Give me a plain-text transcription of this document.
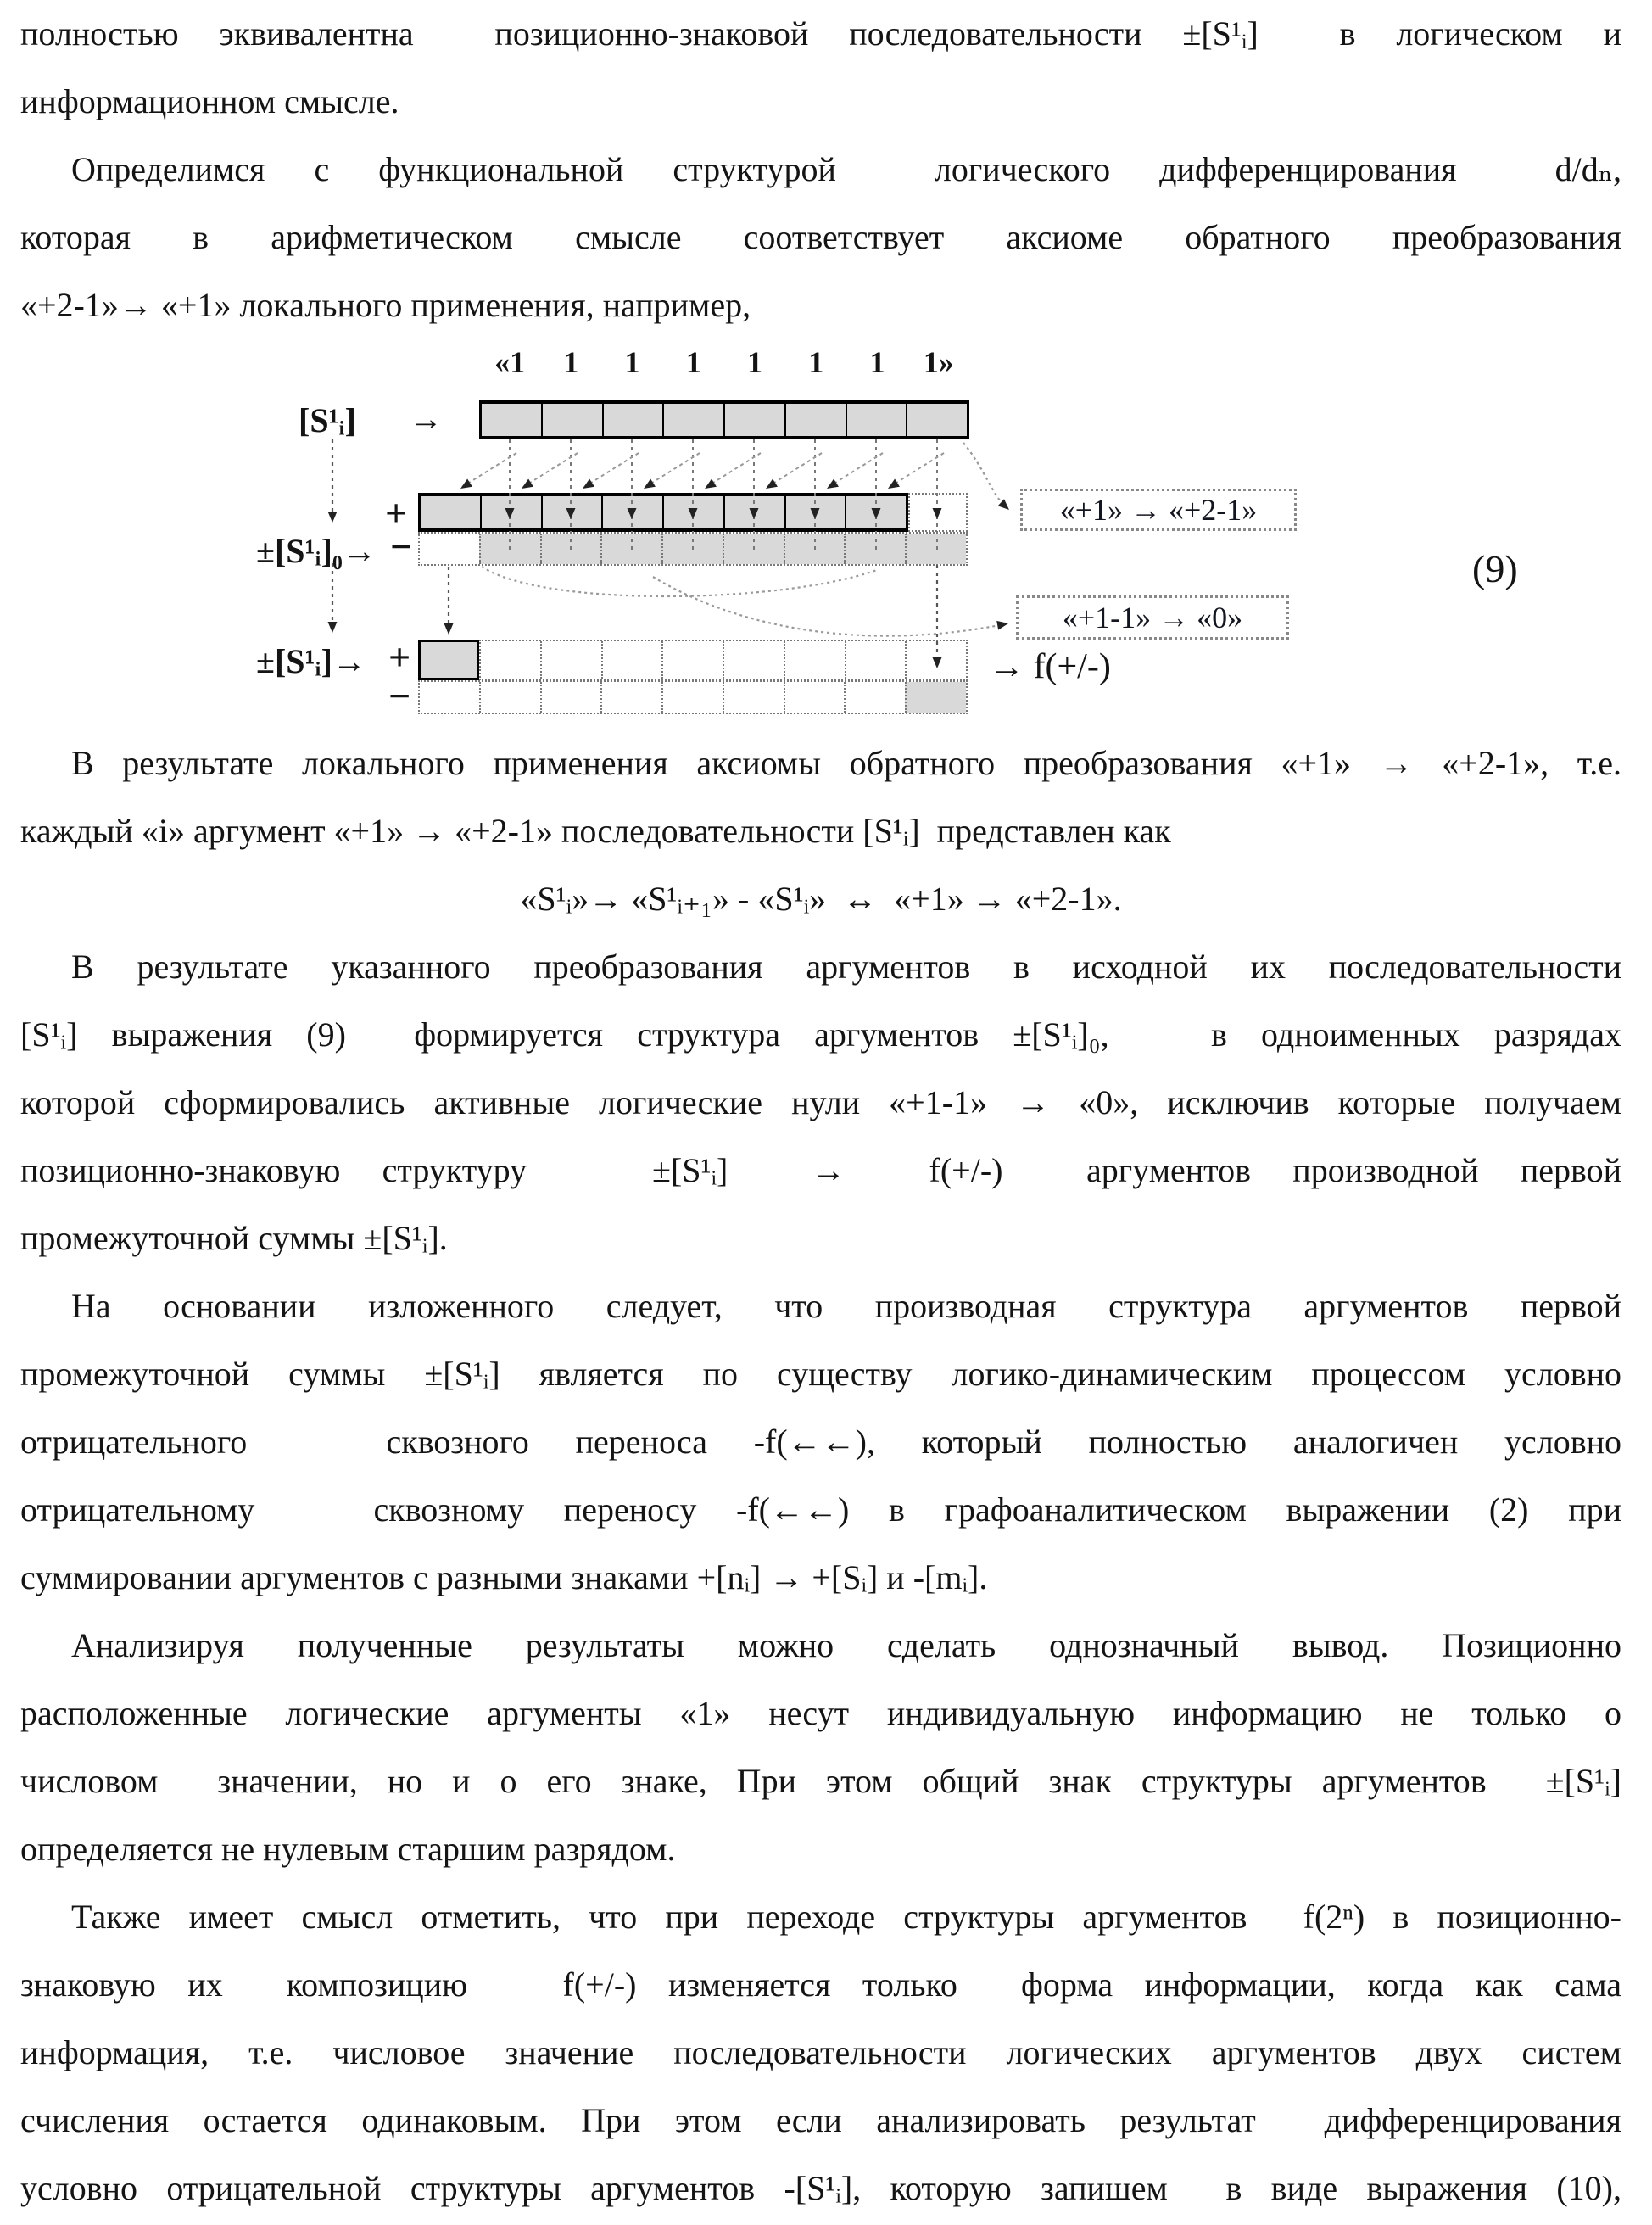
полностью эквивалентна  позиционно-знаковой последовательности ±[S¹ᵢ]  в логическом и
информационном смысле.
Определимся с функциональной структурой  логического дифференцирования  d/dₙ,
которая в арифметическом смысле соответствует аксиоме обратного преобразования
«+2-1»→ «+1» локального применения, например,
«1	1	1	1	1	1	1	1»
[S¹ᵢ] →
+
±[S¹ᵢ]₀→ −
±[S¹ᵢ]→ +
−
«+1» → «+2-1»
«+1-1» → «0»
→ f(+/-)
(9)
В результате локального применения аксиомы обратного преобразования «+1» → «+2-1», т.е.
каждый «i» аргумент «+1» → «+2-1» последовательности [S¹ᵢ]  представлен как
«S¹ᵢ»→ «S¹ᵢ₊₁» - «S¹ᵢ»  ↔  «+1» → «+2-1».
В результате указанного преобразования аргументов в исходной их последовательности
[S¹ᵢ] выражения (9)  формируется структура аргументов ±[S¹ᵢ]₀,   в одноименных разрядах
которой сформировались активные логические нули «+1-1» → «0», исключив которые получаем
позиционно-знаковую структуру   ±[S¹ᵢ]  →  f(+/-)  аргументов производной первой
промежуточной суммы ±[S¹ᵢ].
На основании изложенного следует, что производная структура аргументов первой
промежуточной суммы ±[S¹ᵢ] является по существу логико-динамическим процессом условно
отрицательного   сквозного переноса -f(←←), который полностью аналогичен условно
отрицательному   сквозному переносу -f(←←) в графоаналитическом выражении (2) при
суммировании аргументов с разными знаками +[nᵢ] → +[Sᵢ] и -[mᵢ].
Анализируя полученные результаты можно сделать однозначный вывод. Позиционно
расположенные логические аргументы «1» несут индивидуальную информацию не только о
числовом  значении, но и о его знаке, При этом общий знак структуры аргументов  ±[S¹ᵢ]
определяется не нулевым старшим разрядом.
Также имеет смысл отметить, что при переходе структуры аргументов  f(2ⁿ) в позиционно-
знаковую их  композицию   f(+/-) изменяется только  форма информации, когда как сама
информация, т.е. числовое значение последовательности логических аргументов двух систем
счисления остается одинаковым. При этом если анализировать результат  дифференцирования
условно отрицательной структуры аргументов -[S¹ᵢ], которую запишем  в виде выражения (10),
